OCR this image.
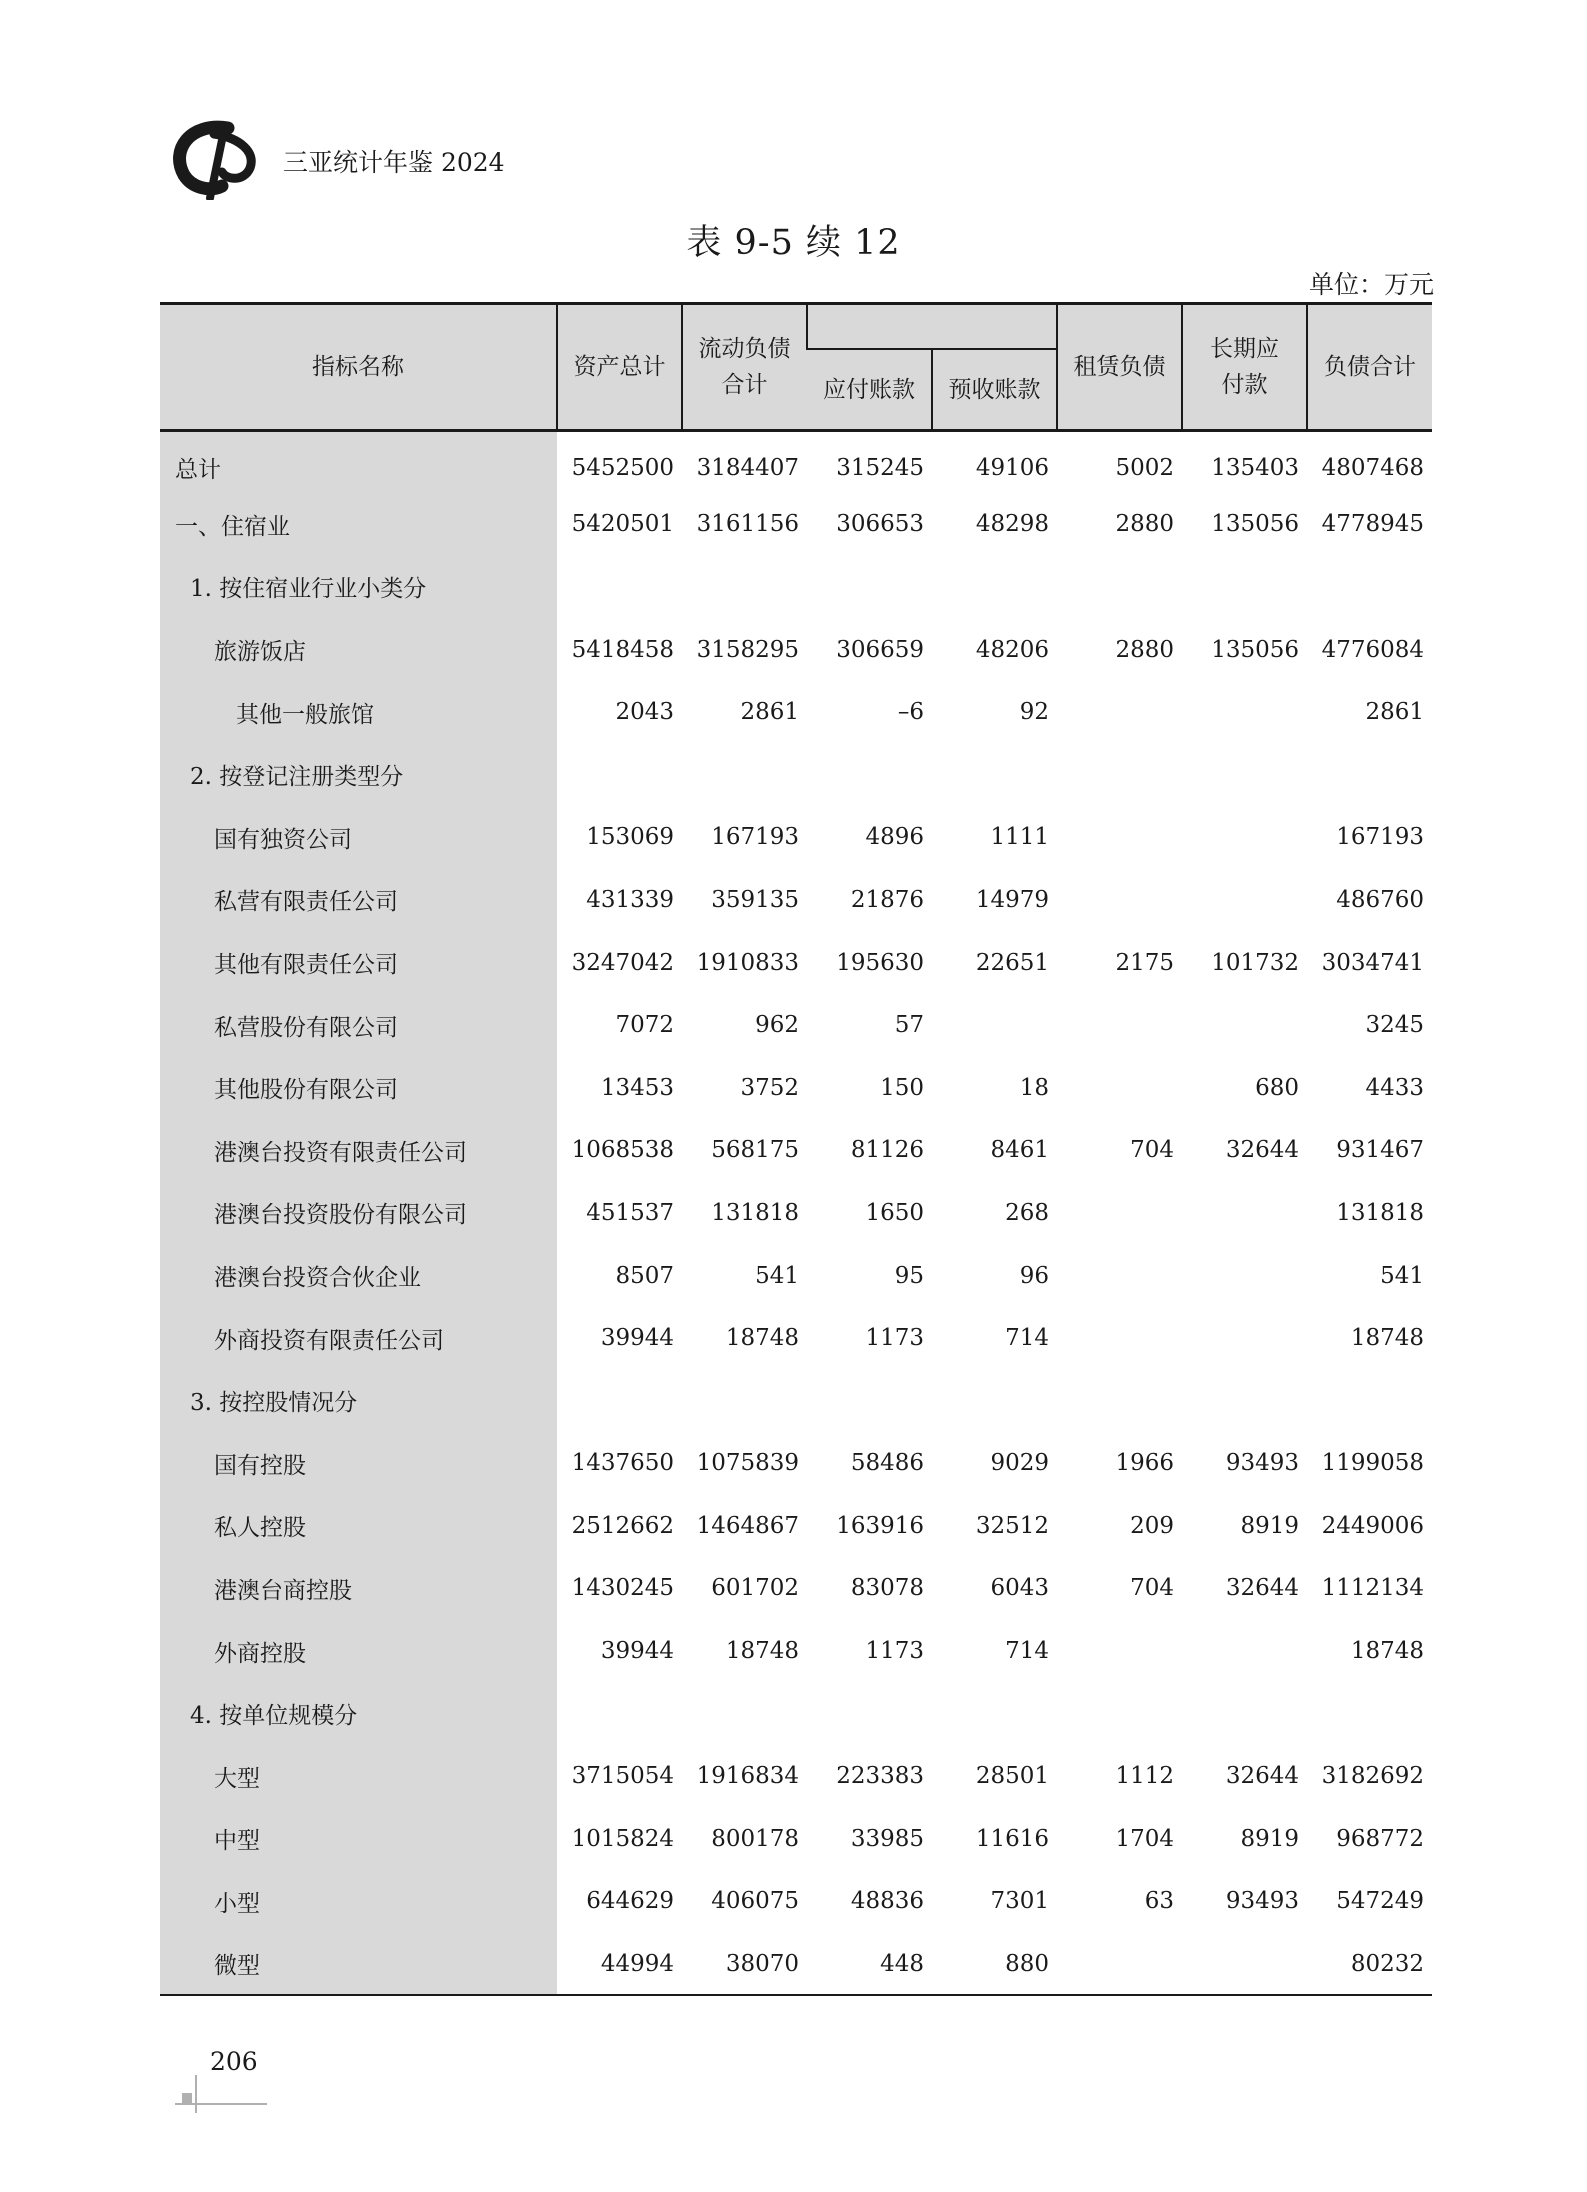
三亚统计年鉴 2024
表 9-5 续 12
单位：万元
指标名称	资产总计	流动负债合计			租赁负债	长期应付款	负债合计
			应付账款	预收账款			
总计	5452500	3184407	315245	49106	5002	135403	4807468
一、住宿业	5420501	3161156	306653	48298	2880	135056	4778945
1. 按住宿业行业小类分							
旅游饭店	5418458	3158295	306659	48206	2880	135056	4776084
其他一般旅馆	2043	2861	–6	92			2861
2. 按登记注册类型分							
国有独资公司	153069	167193	4896	1111			167193
私营有限责任公司	431339	359135	21876	14979			486760
其他有限责任公司	3247042	1910833	195630	22651	2175	101732	3034741
私营股份有限公司	7072	962	57				3245
其他股份有限公司	13453	3752	150	18		680	4433
港澳台投资有限责任公司	1068538	568175	81126	8461	704	32644	931467
港澳台投资股份有限公司	451537	131818	1650	268			131818
港澳台投资合伙企业	8507	541	95	96			541
外商投资有限责任公司	39944	18748	1173	714			18748
3. 按控股情况分							
国有控股	1437650	1075839	58486	9029	1966	93493	1199058
私人控股	2512662	1464867	163916	32512	209	8919	2449006
港澳台商控股	1430245	601702	83078	6043	704	32644	1112134
外商控股	39944	18748	1173	714			18748
4. 按单位规模分							
大型	3715054	1916834	223383	28501	1112	32644	3182692
中型	1015824	800178	33985	11616	1704	8919	968772
小型	644629	406075	48836	7301	63	93493	547249
微型	44994	38070	448	880			80232
206
